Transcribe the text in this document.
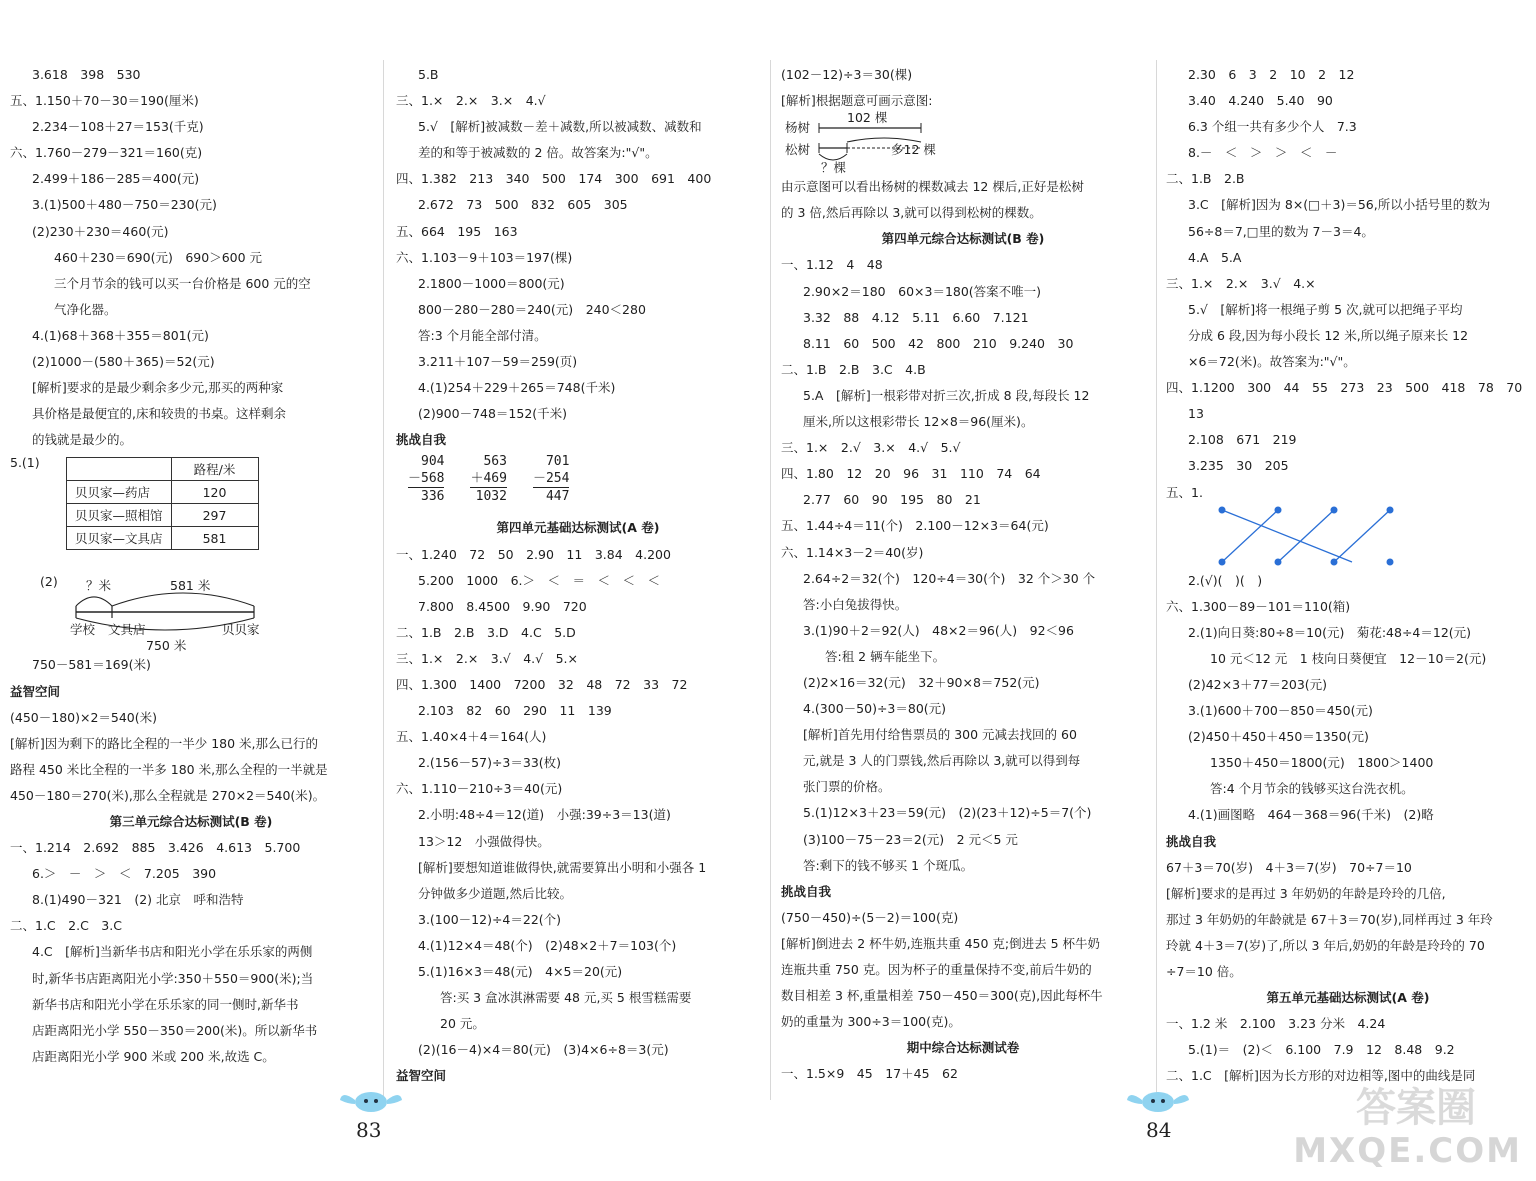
3.618　398　530
五、1.150＋70－30＝190(厘米)
2.234－108＋27＝153(千克)
六、1.760－279－321＝160(克)
2.499＋186－285＝400(元)
3.(1)500＋480－750＝230(元)
(2)230＋230＝460(元)
460＋230＝690(元)　690＞600 元
三个月节余的钱可以买一台价格是 600 元的空
气净化器。
4.(1)68＋368＋355＝801(元)
(2)1000－(580＋365)＝52(元)
[解析]要求的是最少剩余多少元,那买的两种家
具价格是最便宜的,床和较贵的书桌。这样剩余
的钱就是最少的。
5.(1)
		路程/米
贝贝家—药店	120
贝贝家—照相馆	297
贝贝家—文具店	581
(2) ？米	581 米
学校 文具店	贝贝家
750 米
750－581＝169(米)
益智空间
(450－180)×2＝540(米)
[解析]因为剩下的路比全程的一半少 180 米,那么已行的
路程 450 米比全程的一半多 180 米,那么全程的一半就是
450－180＝270(米),那么全程就是 270×2＝540(米)。
第三单元综合达标测试(B 卷)
一、1.214　2.692　885　3.426　4.613　5.700
6.＞　－　＞　＜　7.205　390
8.(1)490－321　(2) 北京　呼和浩特
二、1.C　2.C　3.C
4.C　[解析]当新华书店和阳光小学在乐乐家的两侧
时,新华书店距离阳光小学:350＋550＝900(米);当
新华书店和阳光小学在乐乐家的同一侧时,新华书
店距离阳光小学 550－350＝200(米)。所以新华书
店距离阳光小学 900 米或 200 米,故选 C。
5.B
三、1.×　2.×　3.×　4.√
5.√　[解析]被减数－差＋减数,所以被减数、减数和
差的和等于被减数的 2 倍。故答案为:"√"。
四、1.382　213　340　500　174　300　691　400
2.672　73　500　832　605　305
五、664　195　163
六、1.103－9＋103＝197(棵)
2.1800－1000＝800(元)
800－280－280＝240(元)　240＜280
答:3 个月能全部付清。
3.211＋107－59＝259(页)
4.(1)254＋229＋265＝748(千米)
(2)900－748＝152(千米)
挑战自我
904
－568
336
563
＋469
1032
701
－254
447
第四单元基础达标测试(A 卷)
一、1.240　72　50　2.90　11　3.84　4.200
5.200　1000　6.＞　＜　＝　＜　＜　＜
7.800　8.4500　9.90　720
二、1.B　2.B　3.D　4.C　5.D
三、1.×　2.×　3.√　4.√　5.×
四、1.300　1400　7200　32　48　72　33　72
2.103　82　60　290　11　139
五、1.40×4＋4＝164(人)
2.(156－57)÷3＝33(枚)
六、1.110－210÷3＝40(元)
2.小明:48÷4＝12(道)　小强:39÷3＝13(道)
13＞12　小强做得快。
[解析]要想知道谁做得快,就需要算出小明和小强各 1
分钟做多少道题,然后比较。
3.(100－12)÷4＝22(个)
4.(1)12×4＝48(个)　(2)48×2＋7＝103(个)
5.(1)16×3＝48(元)　4×5＝20(元)
答:买 3 盒冰淇淋需要 48 元,买 5 根雪糕需要
20 元。
(2)(16－4)×4＝80(元)　(3)4×6÷8＝3(元)
益智空间
(102－12)÷3＝30(棵)
[解析]根据题意可画示意图:
杨树
松树
102 棵
多12 棵
？棵
由示意图可以看出杨树的棵数减去 12 棵后,正好是松树
的 3 倍,然后再除以 3,就可以得到松树的棵数。
第四单元综合达标测试(B 卷)
一、1.12　4　48
2.90×2＝180　60×3＝180(答案不唯一)
3.32　88　4.12　5.11　6.60　7.121
8.11　60　500　42　800　210　9.240　30
二、1.B　2.B　3.C　4.B
5.A　[解析]一根彩带对折三次,折成 8 段,每段长 12
厘米,所以这根彩带长 12×8＝96(厘米)。
三、1.×　2.√　3.×　4.√　5.√
四、1.80　12　20　96　31　110　74　64
2.77　60　90　195　80　21
五、1.44÷4＝11(个)　2.100－12×3＝64(元)
六、1.14×3－2＝40(岁)
2.64÷2＝32(个)　120÷4＝30(个)　32 个＞30 个
答:小白兔拔得快。
3.(1)90＋2＝92(人)　48×2＝96(人)　92＜96
答:租 2 辆车能坐下。
(2)2×16＝32(元)　32＋90×8＝752(元)
4.(300－50)÷3＝80(元)
[解析]首先用付给售票员的 300 元减去找回的 60
元,就是 3 人的门票钱,然后再除以 3,就可以得到每
张门票的价格。
5.(1)12×3＋23＝59(元)　(2)(23＋12)÷5＝7(个)
(3)100－75－23＝2(元)　2 元＜5 元
答:剩下的钱不够买 1 个斑瓜。
挑战自我
(750－450)÷(5－2)＝100(克)
[解析]倒进去 2 杯牛奶,连瓶共重 450 克;倒进去 5 杯牛奶
连瓶共重 750 克。因为杯子的重量保持不变,前后牛奶的
数目相差 3 杯,重量相差 750－450＝300(克),因此每杯牛
奶的重量为 300÷3＝100(克)。
期中综合达标测试卷
一、1.5×9　45　17＋45　62
2.30　6　3　2　10　2　12
3.40　4.240　5.40　90
6.3 个组一共有多少个人　7.3
8.－　＜　＞　＞　＜　－
二、1.B　2.B
3.C　[解析]因为 8×(□＋3)＝56,所以小括号里的数为
56÷8＝7,□里的数为 7－3＝4。
4.A　5.A
三、1.×　2.×　3.√　4.×
5.√　[解析]将一根绳子剪 5 次,就可以把绳子平均
分成 6 段,因为每小段长 12 米,所以绳子原来长 12
×6＝72(米)。故答案为:"√"。
四、1.1200　300　44　55　273　23　500　418　78　70
13
2.108　671　219
3.235　30　205
五、1.
2.(√)(　)(　)
六、1.300－89－101＝110(箱)
2.(1)向日葵:80÷8＝10(元)　菊花:48÷4＝12(元)
10 元＜12 元　1 枝向日葵便宜　12－10＝2(元)
(2)42×3＋77＝203(元)
3.(1)600＋700－850＝450(元)
(2)450＋450＋450＝1350(元)
1350＋450＝1800(元)　1800＞1400
答:4 个月节余的钱够买这台洗衣机。
4.(1)画图略　464－368＝96(千米)　(2)略
挑战自我
67＋3＝70(岁)　4＋3＝7(岁)　70÷7＝10
[解析]要求的是再过 3 年奶奶的年龄是玲玲的几倍,
那过 3 年奶奶的年龄就是 67＋3＝70(岁),同样再过 3 年玲
玲就 4＋3＝7(岁)了,所以 3 年后,奶奶的年龄是玲玲的 70
÷7＝10 倍。
第五单元基础达标测试(A 卷)
一、1.2 米　2.100　3.23 分米　4.24
5.(1)＝　(2)＜　6.100　7.9　12　8.48　9.2
二、1.C　[解析]因为长方形的对边相等,图中的曲线是同
83	84	答案圈
MXQE.COM
